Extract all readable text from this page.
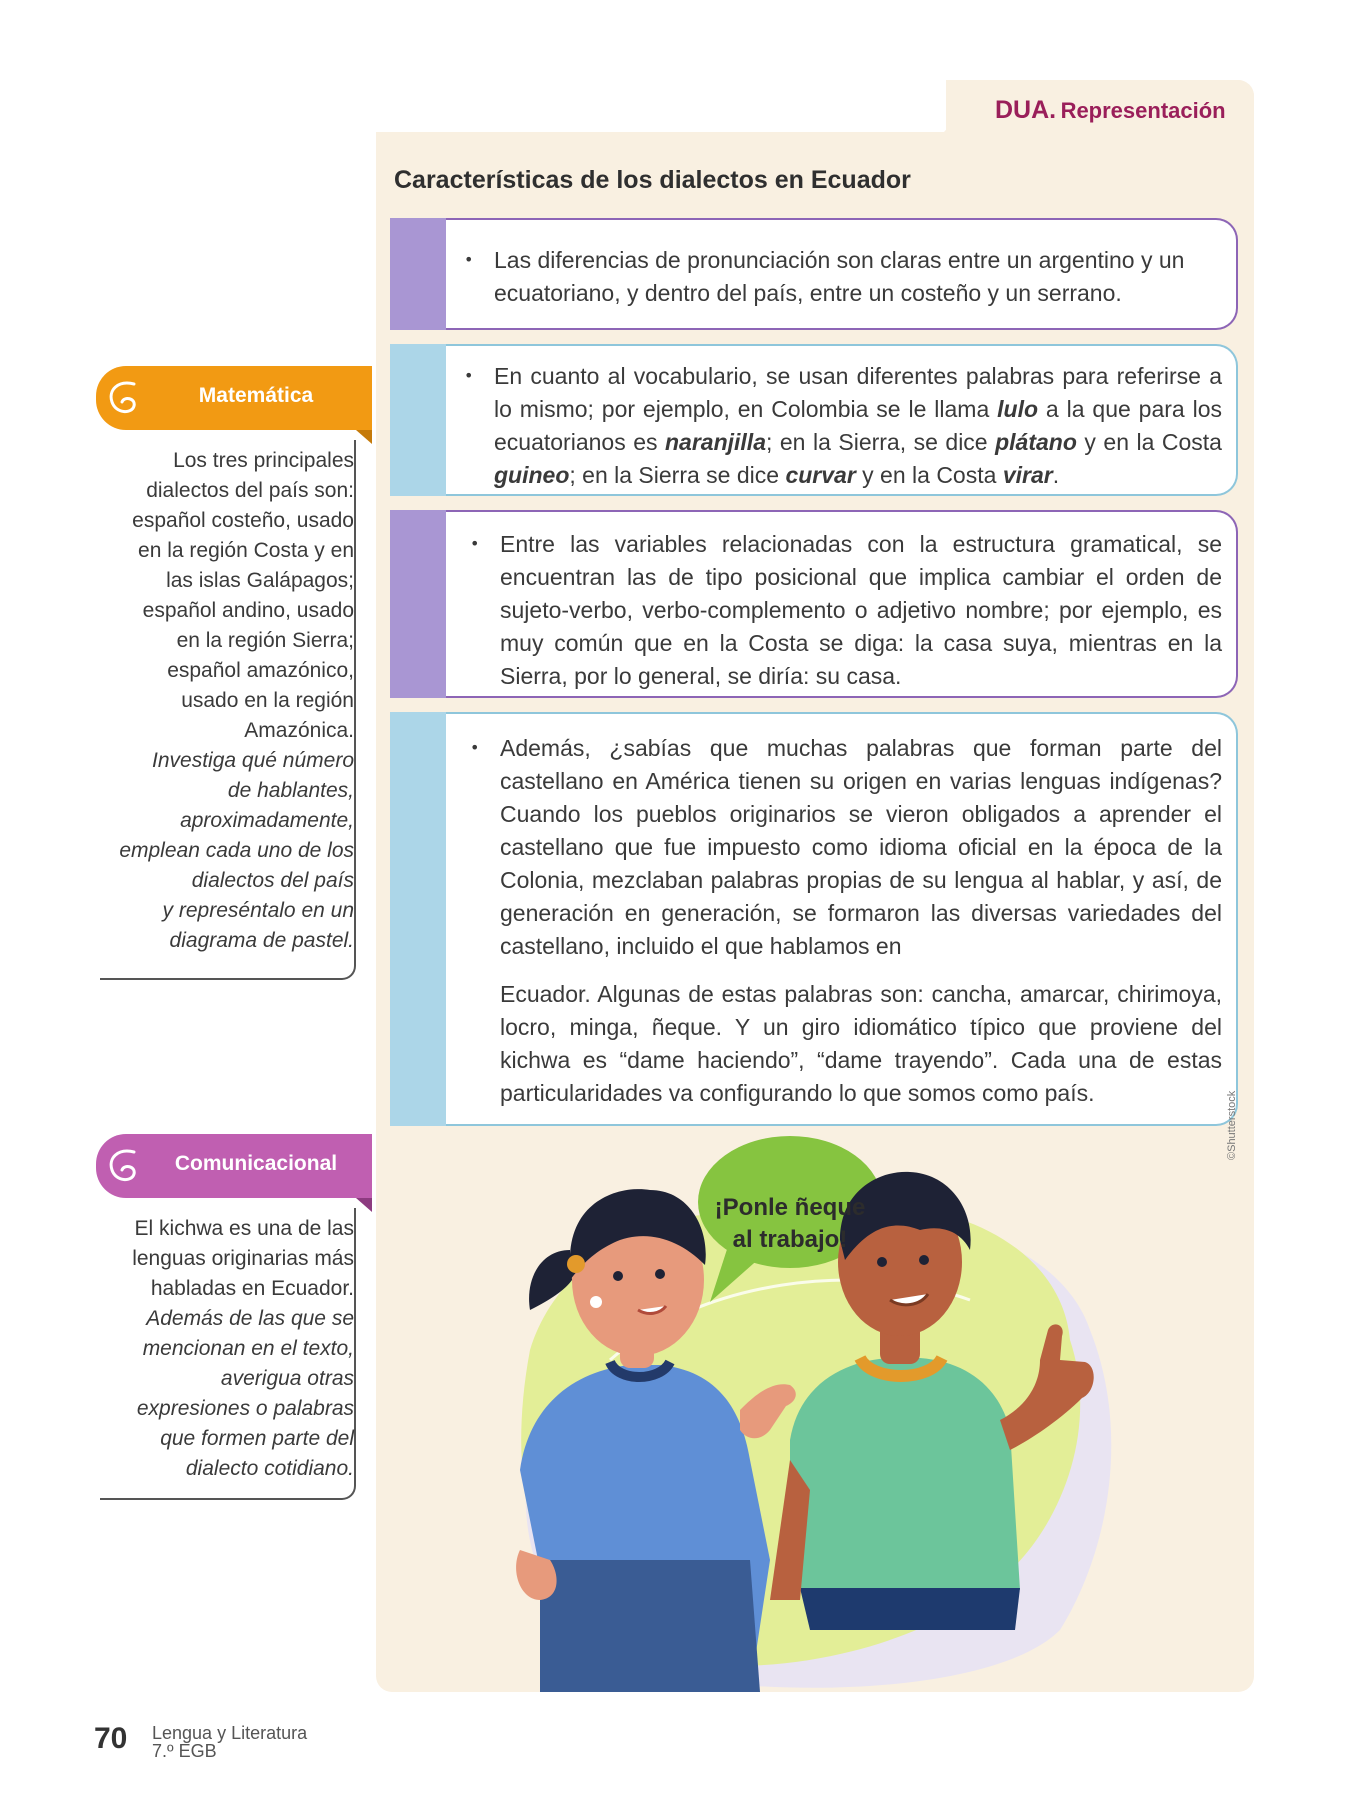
DUA. Representación
Características de los dialectos en Ecuador
• Las diferencias de pronunciación son claras entre un argentino y un ecuatoriano, y dentro del país, entre un costeño y un serrano.
• En cuanto al vocabulario, se usan diferentes palabras para referirse a lo mismo; por ejemplo, en Colombia se le llama lulo a la que para los ecuatorianos es naranjilla; en la Sierra, se dice plátano y en la Costa guineo; en la Sierra se dice curvar y en la Costa virar.
• Entre las variables relacionadas con la estructura gramatical, se encuentran las de tipo posicional que implica cambiar el orden de sujeto-verbo, verbo-complemento o adjetivo nombre; por ejemplo, es muy común que en la Costa se diga: la casa suya, mientras en la Sierra, por lo general, se diría: su casa.
• Además, ¿sabías que muchas palabras que forman parte del castellano en América tienen su origen en varias lenguas indígenas? Cuando los pueblos originarios se vieron obligados a aprender el castellano que fue impuesto como idioma oficial en la época de la Colonia, mezclaban palabras propias de su lengua al hablar, y así, de generación en generación, se formaron las diversas variedades del castellano, incluido el que hablamos en
Ecuador. Algunas de estas palabras son: cancha, amarcar, chirimoya, locro, minga, ñeque. Y un giro idiomático típico que proviene del kichwa es “dame haciendo”, “dame trayendo”. Cada una de estas particularidades va configurando lo que somos como país.
Matemática
Los tres principales
dialectos del país son:
español costeño, usado
en la región Costa y en
las islas Galápagos;
español andino, usado
en la región Sierra;
español amazónico,
usado en la región
Amazónica.
Investiga qué número
de hablantes,
aproximadamente,
emplean cada uno de los
dialectos del país
y represéntalo en un
diagrama de pastel.
Comunicacional
El kichwa es una de las
lenguas originarias más
habladas en Ecuador.
Además de las que se
mencionan en el texto,
averigua otras
expresiones o palabras
que formen parte del
dialecto cotidiano.
¡Ponle ñeque
al trabajo!
©Shutterstock
70 Lengua y Literatura
7.º EGB
